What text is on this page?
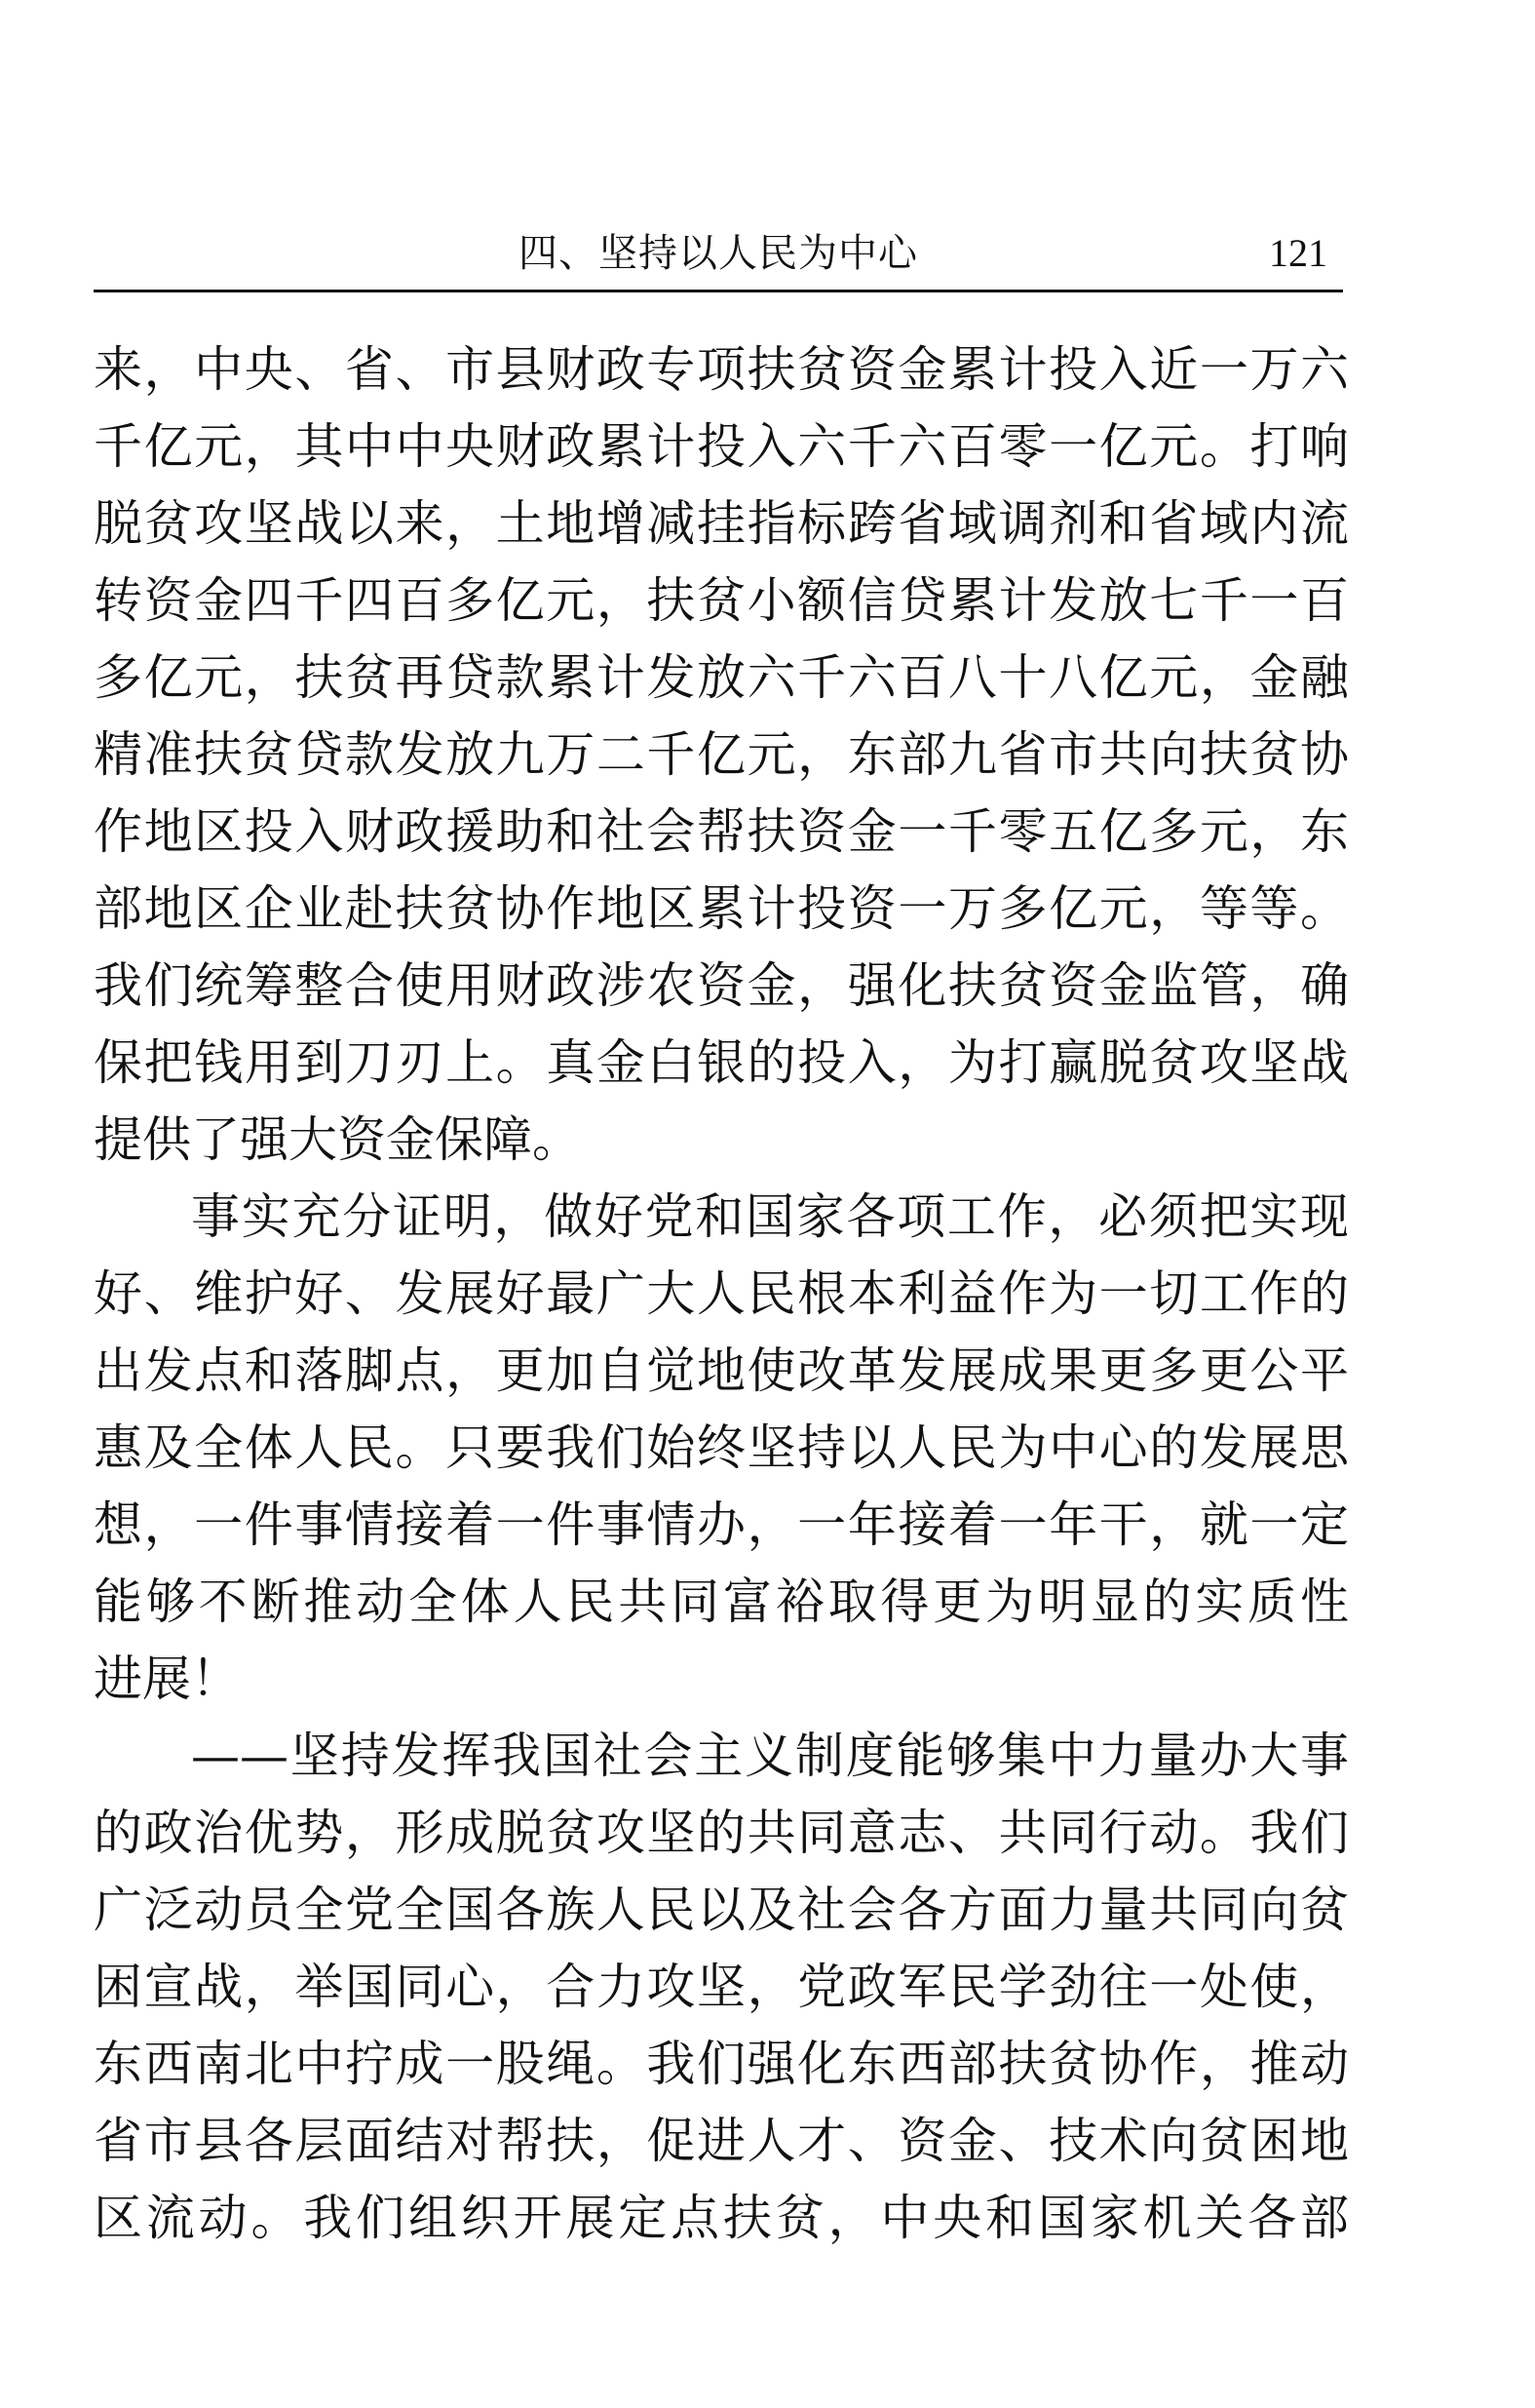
四、坚持以人民为中心	121
来，中央、省、市县财政专项扶贫资金累计投入近一万六
千亿元，其中中央财政累计投入六千六百零一亿元。打响
脱贫攻坚战以来，土地增减挂指标跨省域调剂和省域内流
转资金四千四百多亿元，扶贫小额信贷累计发放七千一百
多亿元，扶贫再贷款累计发放六千六百八十八亿元，金融
精准扶贫贷款发放九万二千亿元，东部九省市共向扶贫协
作地区投入财政援助和社会帮扶资金一千零五亿多元，东
部地区企业赴扶贫协作地区累计投资一万多亿元，等等。
我们统筹整合使用财政涉农资金，强化扶贫资金监管，确
保把钱用到刀刃上。真金白银的投入，为打赢脱贫攻坚战
提供了强大资金保障。
事实充分证明，做好党和国家各项工作，必须把实现
好、维护好、发展好最广大人民根本利益作为一切工作的
出发点和落脚点，更加自觉地使改革发展成果更多更公平
惠及全体人民。只要我们始终坚持以人民为中心的发展思
想，一件事情接着一件事情办，一年接着一年干，就一定
能够不断推动全体人民共同富裕取得更为明显的实质性
进展！
——坚持发挥我国社会主义制度能够集中力量办大事
的政治优势，形成脱贫攻坚的共同意志、共同行动。我们
广泛动员全党全国各族人民以及社会各方面力量共同向贫
困宣战，举国同心，合力攻坚，党政军民学劲往一处使，
东西南北中拧成一股绳。我们强化东西部扶贫协作，推动
省市县各层面结对帮扶，促进人才、资金、技术向贫困地
区流动。我们组织开展定点扶贫，中央和国家机关各部
